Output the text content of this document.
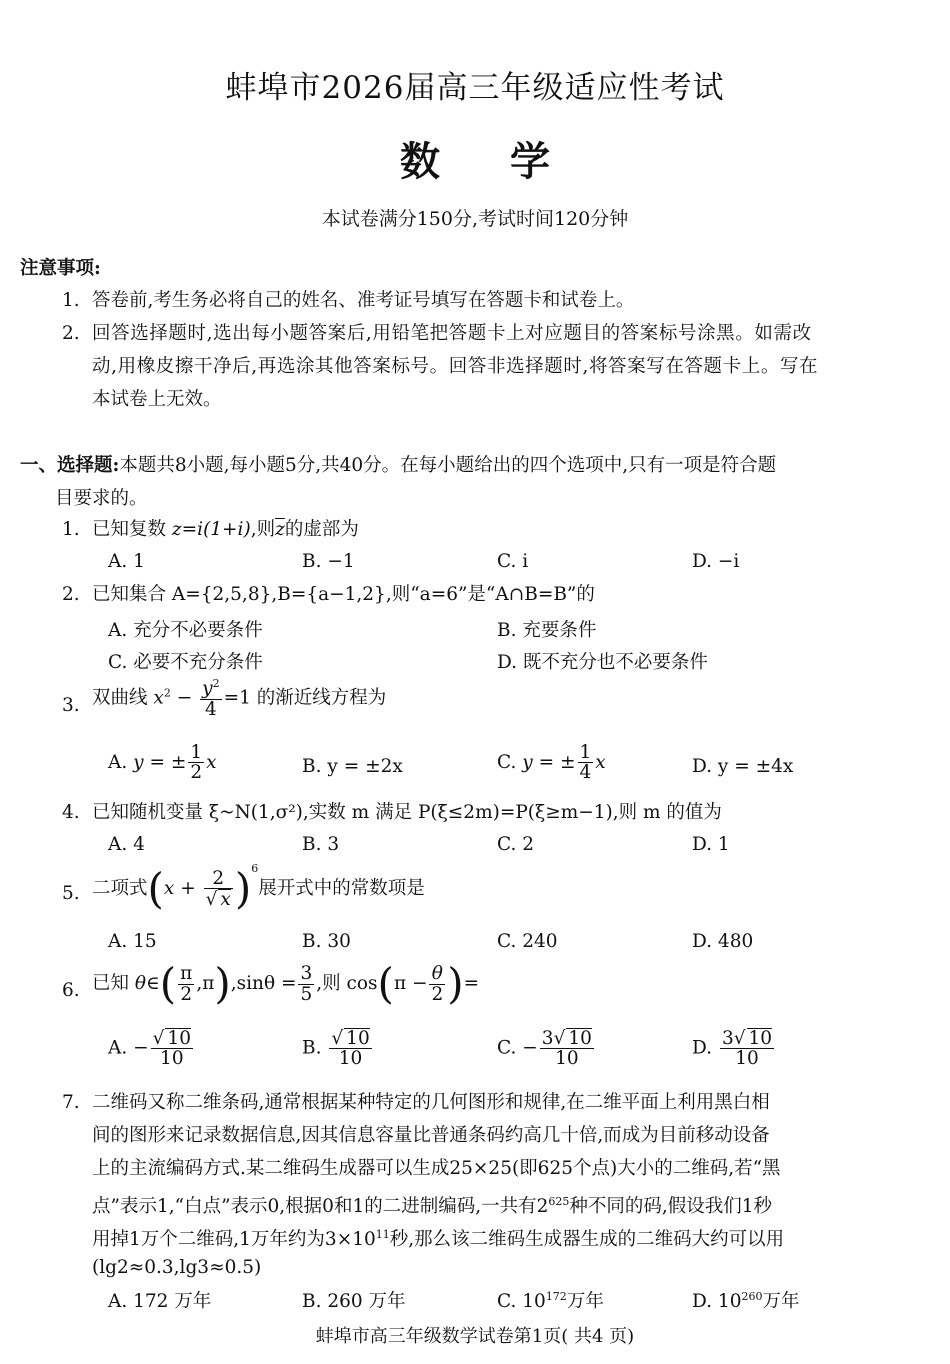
蚌埠市2026届高三年级适应性考试
数学
本试卷满分150分,考试时间120分钟
注意事项:
1. 答卷前,考生务必将自己的姓名、准考证号填写在答题卡和试卷上。
2. 回答选择题时,选出每小题答案后,用铅笔把答题卡上对应题目的答案标号涂黑。如需改
动,用橡皮擦干净后,再选涂其他答案标号。回答非选择题时,将答案写在答题卡上。写在
本试卷上无效。
一、选择题:本题共8小题,每小题5分,共40分。在每小题给出的四个选项中,只有一项是符合题
目要求的。
1. 已知复数 z=i(1+i),则$\overline{z}$的虚部为
A. 1	B. −1	C. i	D. −i
2. 已知集合 A={2,5,8},B={a−1,2},则“a=6”是“A∩B=B”的
A. 充分不必要条件	B. 充要条件
C. 必要不充分条件	D. 既不充分也不必要条件
3. 双曲线 $x^2 - \frac{y^2}{4} =1$ 的渐近线方程为
A. y = ± $\frac{1}{2}$ x	B. y = ±2x	C. y = ± $\frac{1}{4}$ x	D. y = ±4x
4. 已知随机变量 ξ~N(1,σ²),实数 m 满足 P(ξ≤2m)=P(ξ≥m−1),则 m 的值为
A. 4	B. 3	C. 2	D. 1
5. 二项式$(x + \frac{2}{√ x} )^6$展开式中的常数项是
A. 15	B. 30	C. 240	D. 480
6. 已知 θ∈( $\frac{\pi}{2} ,\pi),\sin\theta = \frac{3}{5}$ ,则 $\cos(\pi - \frac{\theta}{2}$ )=
A. − $\frac{√ 10}{10}$	B. $\frac{√ 10}{10}$	C. − $\frac{3√ 10}{10}$	D. $\frac{3√ 10}{10}$
7. 二维码又称二维条码,通常根据某种特定的几何图形和规律,在二维平面上利用黑白相
间的图形来记录数据信息,因其信息容量比普通条码约高几十倍,而成为目前移动设备
上的主流编码方式.某二维码生成器可以生成25×25(即625个点)大小的二维码,若“黑
点”表示1,“白点”表示0,根据0和1的二进制编码,一共有$2^{625}$种不同的码,假设我们1秒
用掉1万个二维码,1万年约为$3\times 10^{11}$秒,那么该二维码生成器生成的二维码大约可以用
(lg2≈0.3,lg3≈0.5)
A. 172 万年	B. 260 万年	C. $10^{172}$万年	D. $10^{260}$万年
蚌埠市高三年级数学试卷第1页( 共4 页)
